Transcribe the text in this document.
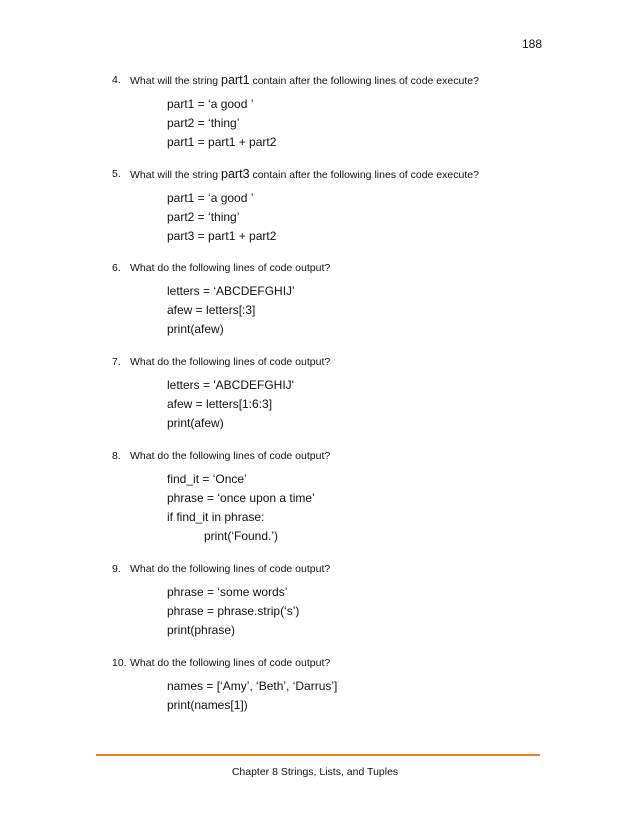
188
4. What will the string part1 contain after the following lines of code execute?
part1 = ‘a good ’
part2 = ‘thing’
part1 = part1 + part2
5. What will the string part3 contain after the following lines of code execute?
part1 = ‘a good ’
part2 = ‘thing’
part3 = part1 + part2
6. What do the following lines of code output?
letters = ‘ABCDEFGHIJ’
afew = letters[:3]
print(afew)
7. What do the following lines of code output?
letters = 'ABCDEFGHIJ'
afew = letters[1:6:3]
print(afew)
8. What do the following lines of code output?
find_it = ‘Once’
phrase = ‘once upon a time’
if find_it in phrase:
print(‘Found.’)
9. What do the following lines of code output?
phrase = ‘some words’
phrase = phrase.strip(‘s’)
print(phrase)
10. What do the following lines of code output?
names = [‘Amy’, ‘Beth’, ‘Darrus’]
print(names[1])
Chapter 8 Strings, Lists, and Tuples
